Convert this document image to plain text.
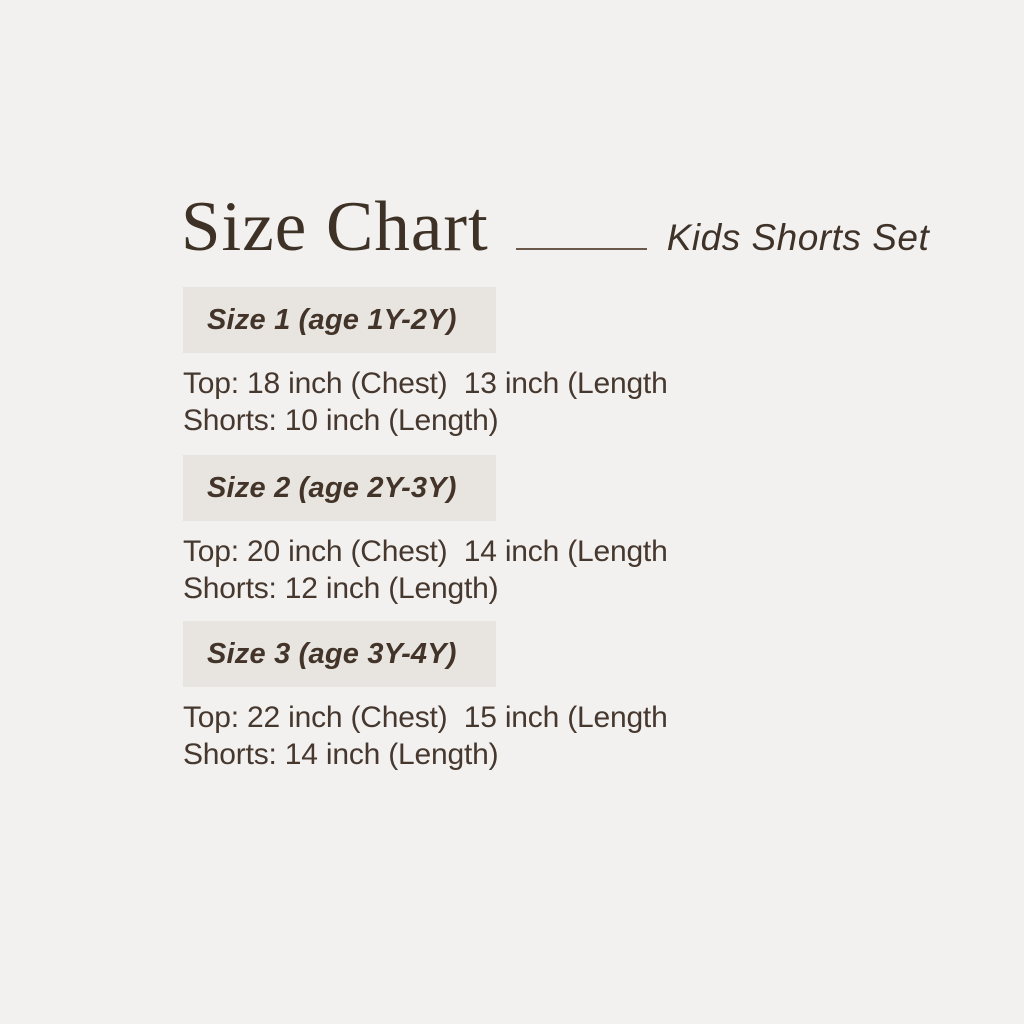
Size Chart	Kids Shorts Set
Size 1 (age 1Y-2Y)

Top: 18 inch (Chest)  13 inch (Length

Shorts: 10 inch (Length)

Size 2 (age 2Y-3Y)

Top: 20 inch (Chest)  14 inch (Length

Shorts: 12 inch (Length)

Size 3 (age 3Y-4Y)

Top: 22 inch (Chest)  15 inch (Length

Shorts: 14 inch (Length)
